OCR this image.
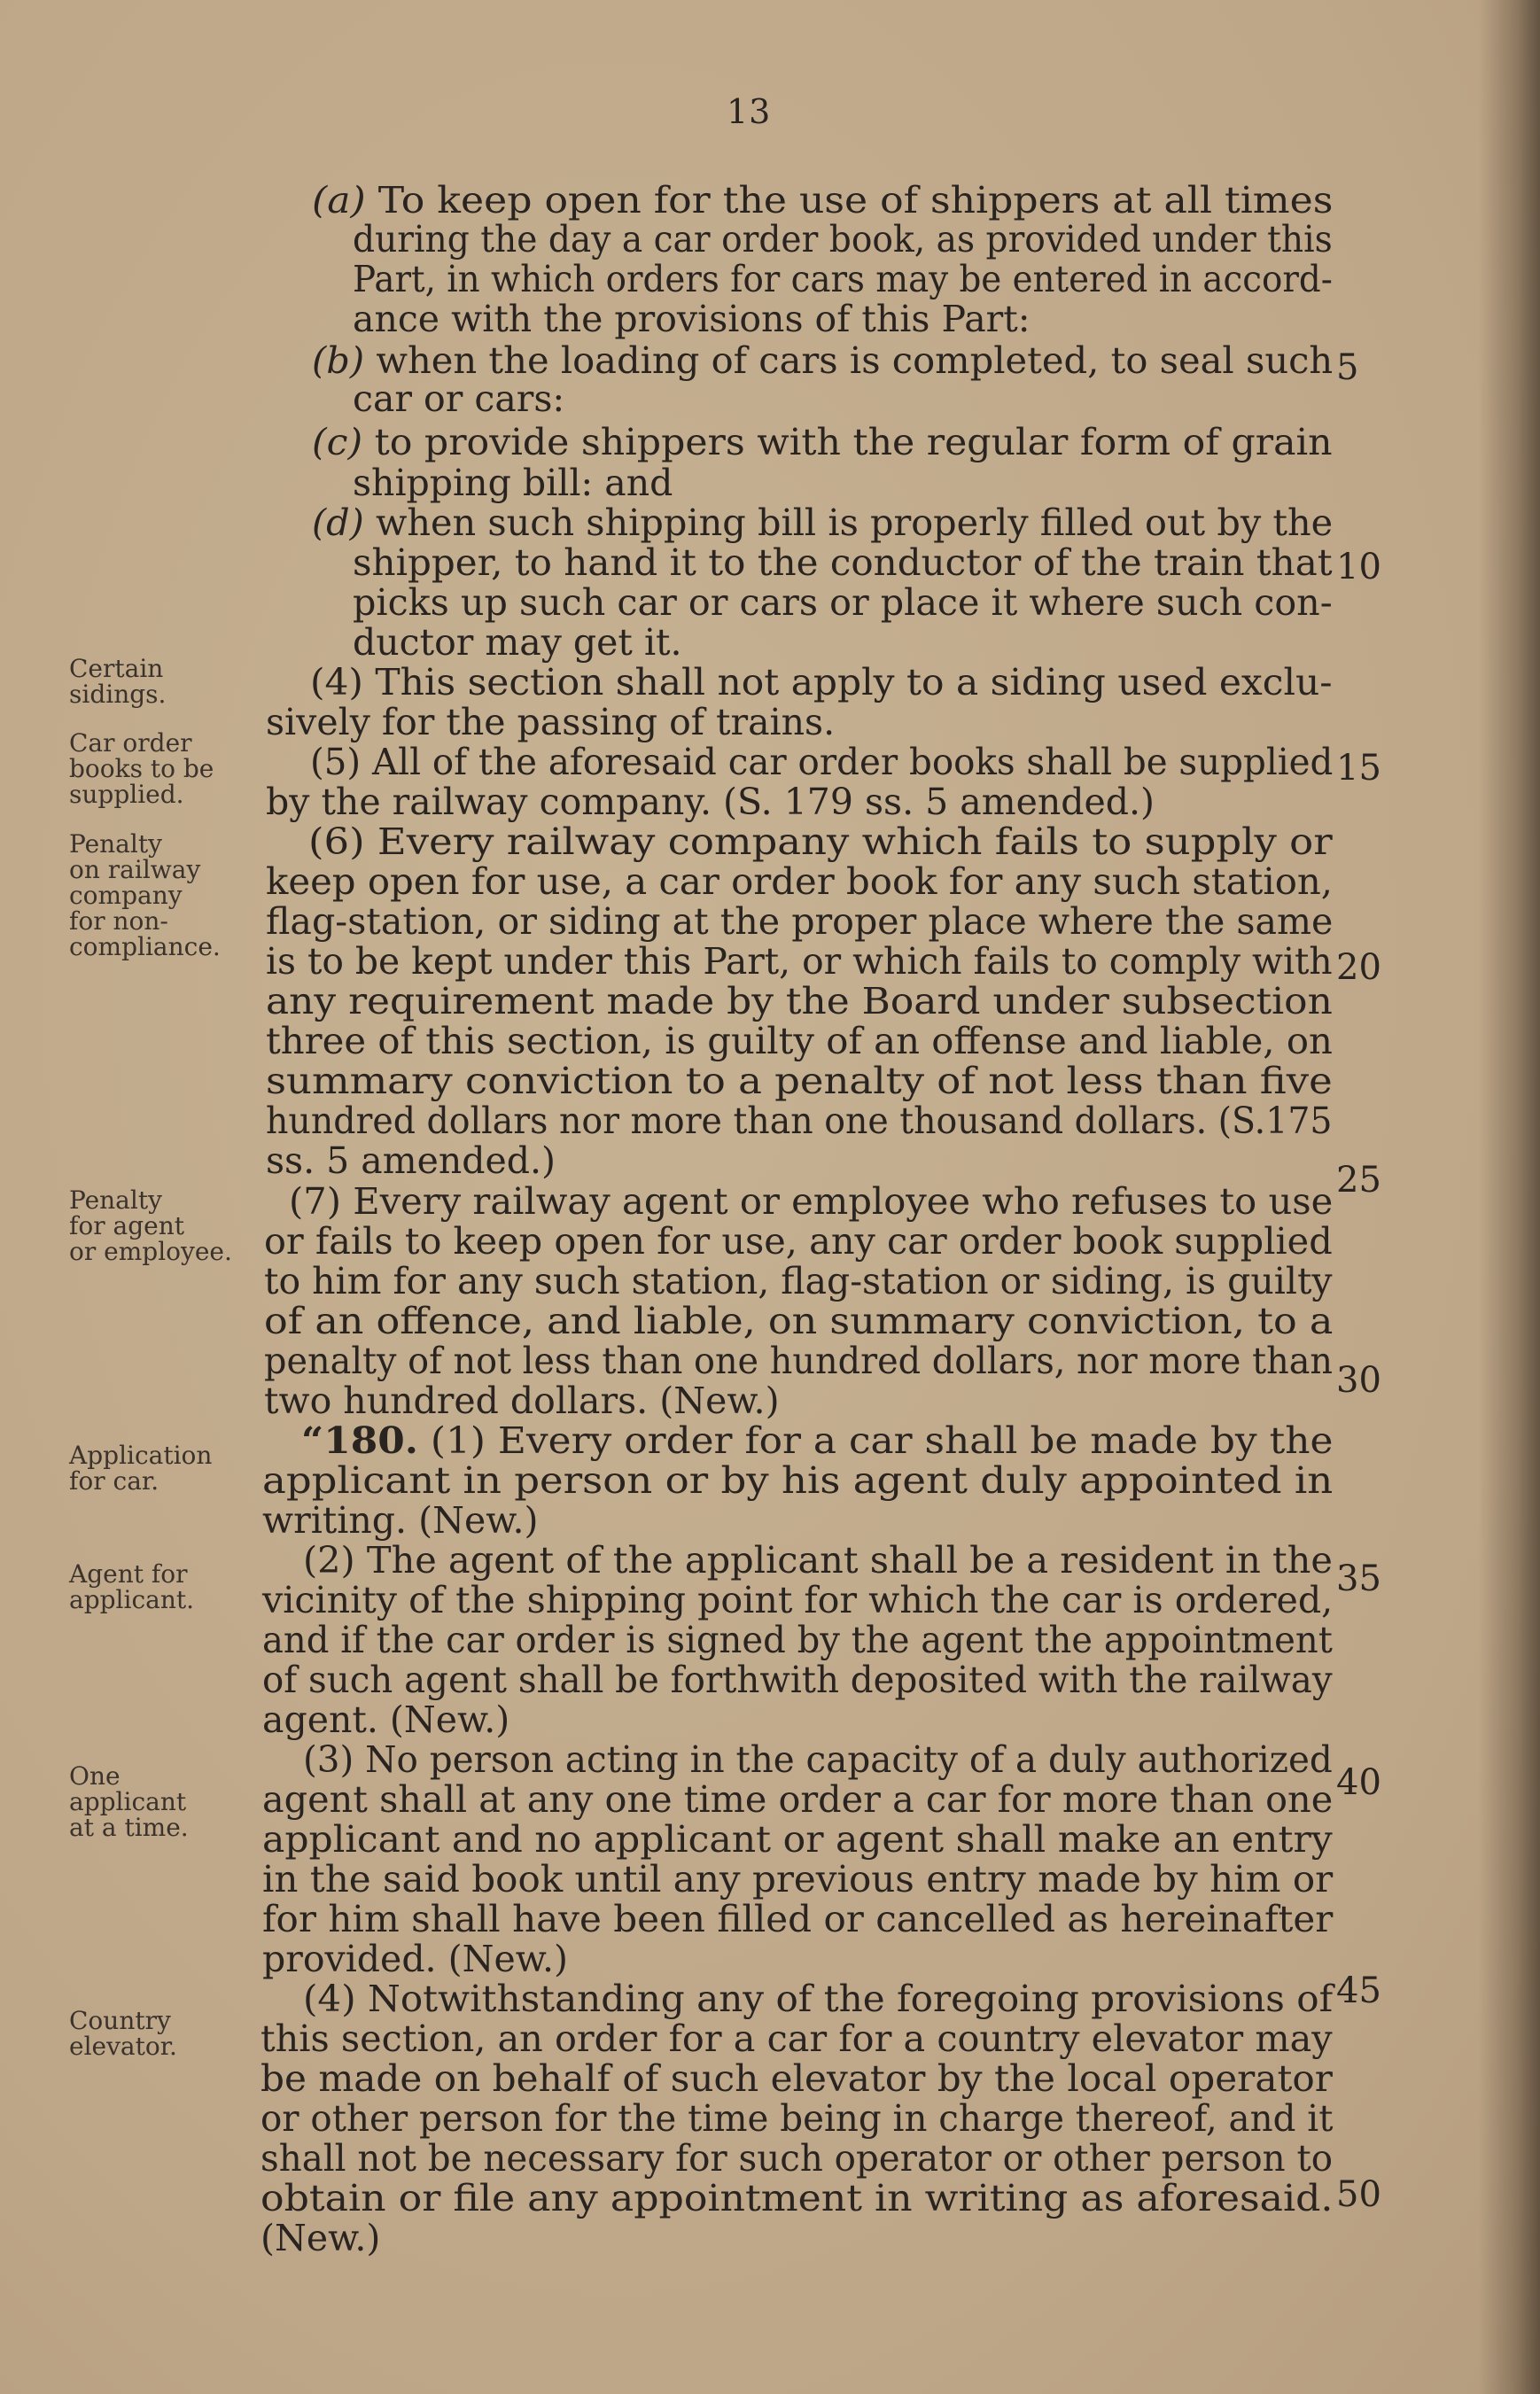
13
(a) To keep open for the use of shippers at all times
during the day a car order book, as provided under this
Part, in which orders for cars may be entered in accord-
ance with the provisions of this Part:
(b) when the loading of cars is completed, to seal such
car or cars:
(c) to provide shippers with the regular form of grain
shipping bill: and
(d) when such shipping bill is properly filled out by the
shipper, to hand it to the conductor of the train that
picks up such car or cars or place it where such con-
ductor may get it.
(4) This section shall not apply to a siding used exclu-
sively for the passing of trains.
(5) All of the aforesaid car order books shall be supplied
by the railway company. (S. 179 ss. 5 amended.)
(6) Every railway company which fails to supply or
keep open for use, a car order book for any such station,
flag-station, or siding at the proper place where the same
is to be kept under this Part, or which fails to comply with
any requirement made by the Board under subsection
three of this section, is guilty of an offense and liable, on
summary conviction to a penalty of not less than five
hundred dollars nor more than one thousand dollars. (S.175
ss. 5 amended.)
(7) Every railway agent or employee who refuses to use
or fails to keep open for use, any car order book supplied
to him for any such station, flag-station or siding, is guilty
of an offence, and liable, on summary conviction, to a
penalty of not less than one hundred dollars, nor more than
two hundred dollars. (New.)
“180. (1) Every order for a car shall be made by the
applicant in person or by his agent duly appointed in
writing. (New.)
(2) The agent of the applicant shall be a resident in the
vicinity of the shipping point for which the car is ordered,
and if the car order is signed by the agent the appointment
of such agent shall be forthwith deposited with the railway
agent. (New.)
(3) No person acting in the capacity of a duly authorized
agent shall at any one time order a car for more than one
applicant and no applicant or agent shall make an entry
in the said book until any previous entry made by him or
for him shall have been filled or cancelled as hereinafter
provided. (New.)
(4) Notwithstanding any of the foregoing provisions of
this section, an order for a car for a country elevator may
be made on behalf of such elevator by the local operator
or other person for the time being in charge thereof, and it
shall not be necessary for such operator or other person to
obtain or file any appointment in writing as aforesaid.
(New.)
Certain
sidings.
Car order
books to be
supplied.
Penalty
on railway
company
for non-
compliance.
Penalty
for agent
or employee.
Application
for car.
Agent for
applicant.
One
applicant
at a time.
Country
elevator.
5
10
15
20
25
30
35
40
45
50
